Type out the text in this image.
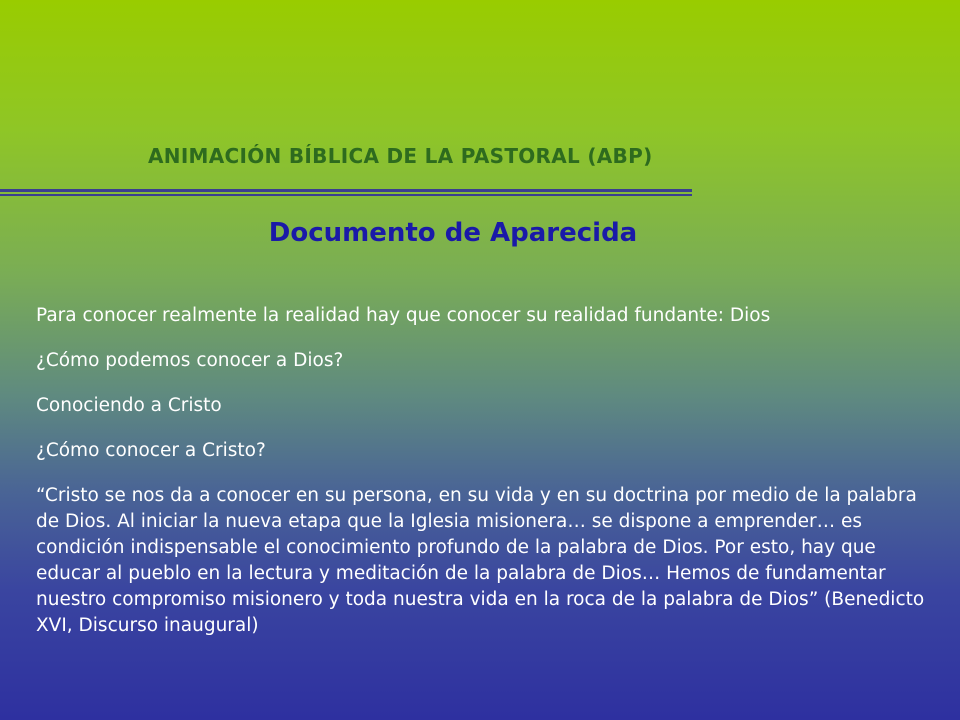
ANIMACIÓN BÍBLICA DE LA PASTORAL (ABP)
Documento de Aparecida

Para conocer realmente la realidad hay que conocer su realidad fundante: Dios

¿Cómo podemos conocer a Dios?

Conociendo a Cristo

¿Cómo conocer a Cristo?

“Cristo se nos da a conocer en su persona, en su vida y en su doctrina por medio de la palabra de Dios. Al iniciar la nueva etapa que la Iglesia misionera… se dispone a emprender… es condición indispensable el conocimiento profundo de la palabra de Dios. Por esto, hay que educar al pueblo en la lectura y meditación de la palabra de Dios… Hemos de fundamentar nuestro compromiso misionero y toda nuestra vida en la roca de la palabra de Dios” (Benedicto XVI, Discurso inaugural)
